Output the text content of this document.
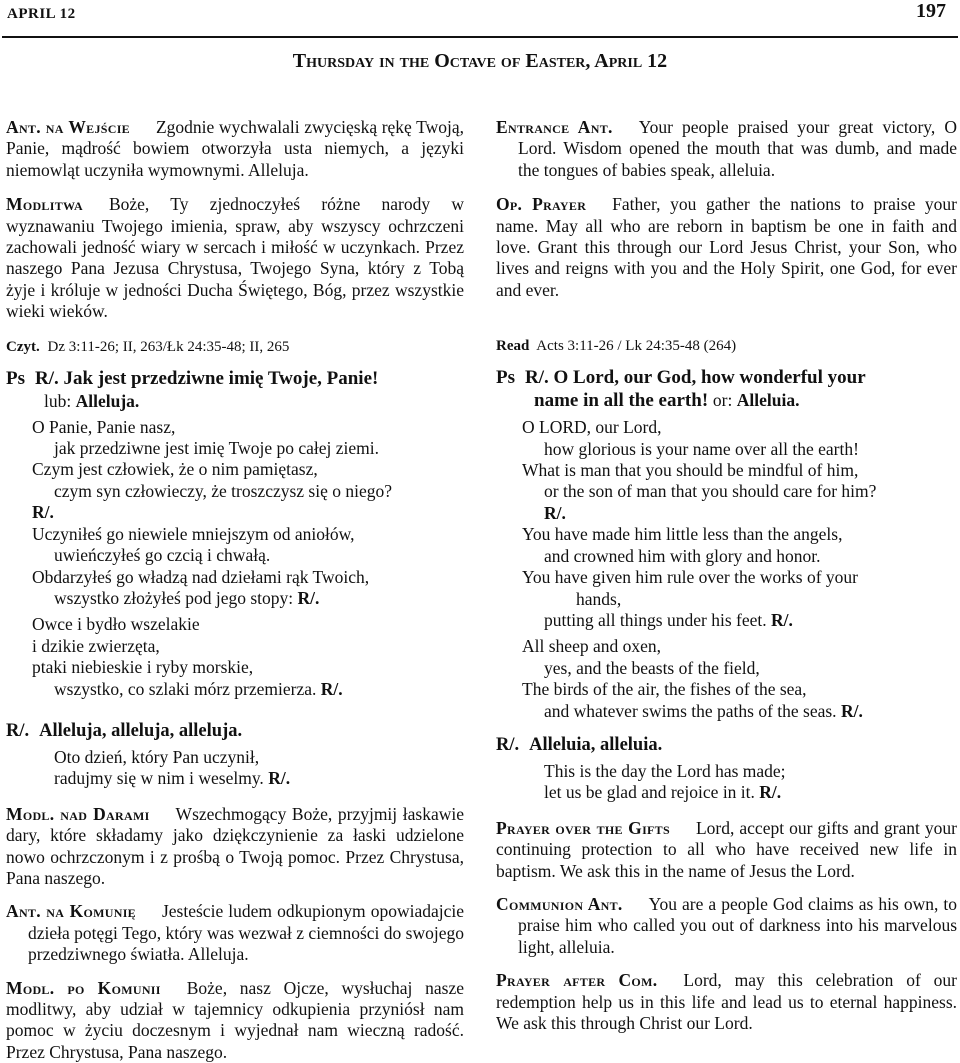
APRIL 12	197
Thursday in the Octave of Easter, April 12

Ant. na Wejście Zgodnie wychwalali zwycięską rękę Twoją, Panie, mądrość bowiem otworzyła usta niemych, a języki niemowląt uczyniła wymownymi. Alleluja.

Modlitwa Boże, Ty zjednoczyłeś różne narody w wyznawaniu Twojego imienia, spraw, aby wszyscy ochrzczeni zachowali jedność wiary w sercach i miłość w uczynkach. Przez naszego Pana Jezusa Chrystusa, Twojego Syna, który z Tobą żyje i króluje w jedności Ducha Świętego, Bóg, przez wszystkie wieki wieków.

Czyt. Dz 3:11-26; II, 263/Łk 24:35-48; II, 265

Ps R/. Jak jest przedziwne imię Twoje, Panie!

lub: Alleluja.

O Panie, Panie nasz,

jak przedziwne jest imię Twoje po całej ziemi.

Czym jest człowiek, że o nim pamiętasz,

czym syn człowieczy, że troszczysz się o niego?

R/.

Uczyniłeś go niewiele mniejszym od aniołów,

uwieńczyłeś go czcią i chwałą.

Obdarzyłeś go władzą nad dziełami rąk Twoich,

wszystko złożyłeś pod jego stopy: R/.

Owce i bydło wszelakie

i dzikie zwierzęta,

ptaki niebieskie i ryby morskie,

wszystko, co szlaki mórz przemierza. R/.

R/. Alleluja, alleluja, alleluja.

Oto dzień, który Pan uczynił,

radujmy się w nim i weselmy. R/.

Modl. nad Darami Wszechmogący Boże, przyjmij łaskawie dary, które składamy jako dziękczynienie za łaski udzielone nowo ochrzczonym i z prośbą o Twoją pomoc. Przez Chrystusa, Pana naszego.

Ant. na Komunię Jesteście ludem odkupionym opowiadajcie dzieła potęgi Tego, który was wezwał z ciemności do swojego przedziwnego światła. Alleluja.

Modl. po Komunii Boże, nasz Ojcze, wysłuchaj nasze modlitwy, aby udział w tajemnicy odkupienia przyniósł nam pomoc w życiu doczesnym i wyjednał nam wieczną radość. Przez Chrystusa, Pana naszego.

Entrance Ant. Your people praised your great victory, O Lord. Wisdom opened the mouth that was dumb, and made the tongues of babies speak, alleluia.

Op. Prayer Father, you gather the nations to praise your name. May all who are reborn in baptism be one in faith and love. Grant this through our Lord Jesus Christ, your Son, who lives and reigns with you and the Holy Spirit, one God, for ever and ever.

Read Acts 3:11-26 / Lk 24:35-48 (264)

Ps R/. O Lord, our God, how wonderful your

name in all the earth! or: Alleluia.

O LORD, our Lord,

how glorious is your name over all the earth!

What is man that you should be mindful of him,

or the son of man that you should care for him?

R/.

You have made him little less than the angels,

and crowned him with glory and honor.

You have given him rule over the works of your

hands,

putting all things under his feet. R/.

All sheep and oxen,

yes, and the beasts of the field,

The birds of the air, the fishes of the sea,

and whatever swims the paths of the seas. R/.

R/. Alleluia, alleluia.

This is the day the Lord has made;

let us be glad and rejoice in it. R/.

Prayer over the Gifts Lord, accept our gifts and grant your continuing protection to all who have received new life in baptism. We ask this in the name of Jesus the Lord.

Communion Ant. You are a people God claims as his own, to praise him who called you out of darkness into his marvelous light, alleluia.

Prayer after Com. Lord, may this celebration of our redemption help us in this life and lead us to eternal happiness. We ask this through Christ our Lord.
